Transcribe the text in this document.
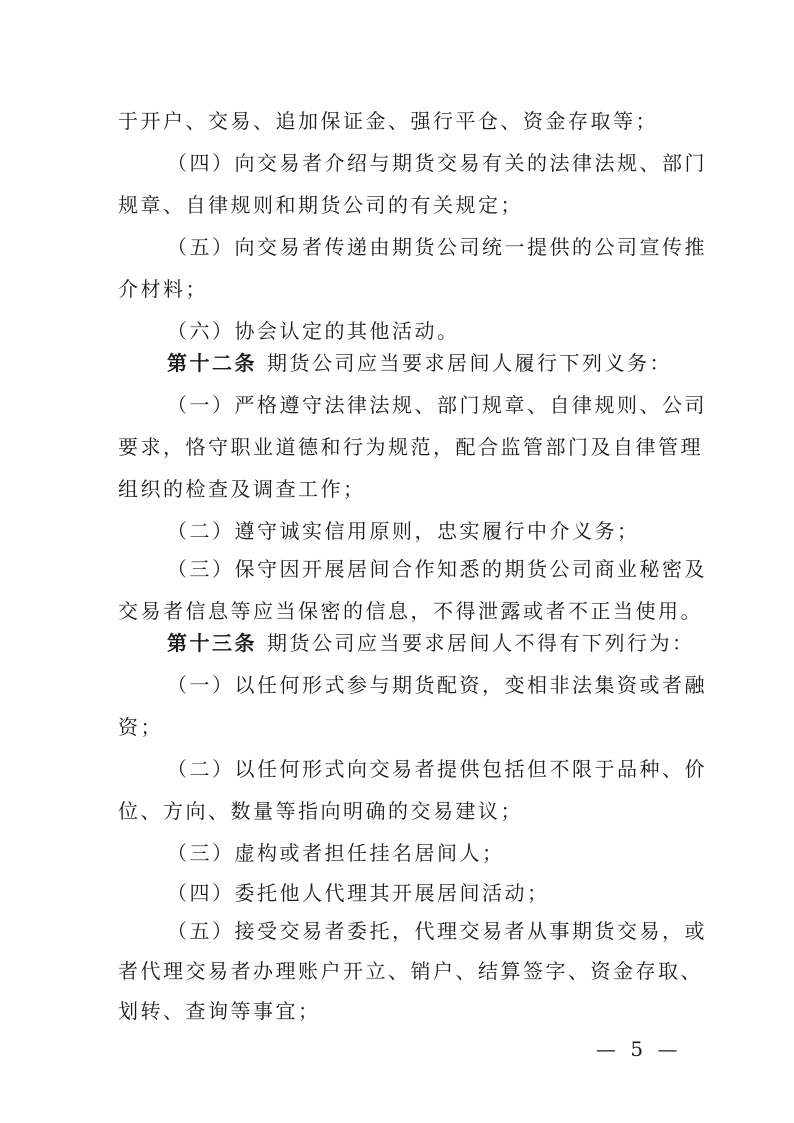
于开户、交易、追加保证金、强行平仓、资金存取等；
（四）向交易者介绍与期货交易有关的法律法规、部门
规章、自律规则和期货公司的有关规定；
（五）向交易者传递由期货公司统一提供的公司宣传推
介材料；
（六）协会认定的其他活动。
第十二条 期货公司应当要求居间人履行下列义务：
（一）严格遵守法律法规、部门规章、自律规则、公司
要求，恪守职业道德和行为规范，配合监管部门及自律管理
组织的检查及调查工作；
（二）遵守诚实信用原则，忠实履行中介义务；
（三）保守因开展居间合作知悉的期货公司商业秘密及
交易者信息等应当保密的信息，不得泄露或者不正当使用。
第十三条 期货公司应当要求居间人不得有下列行为：
（一）以任何形式参与期货配资，变相非法集资或者融
资；
（二）以任何形式向交易者提供包括但不限于品种、价
位、方向、数量等指向明确的交易建议；
（三）虚构或者担任挂名居间人；
（四）委托他人代理其开展居间活动；
（五）接受交易者委托，代理交易者从事期货交易，或
者代理交易者办理账户开立、销户、结算签字、资金存取、
划转、查询等事宜；
— 5 —
